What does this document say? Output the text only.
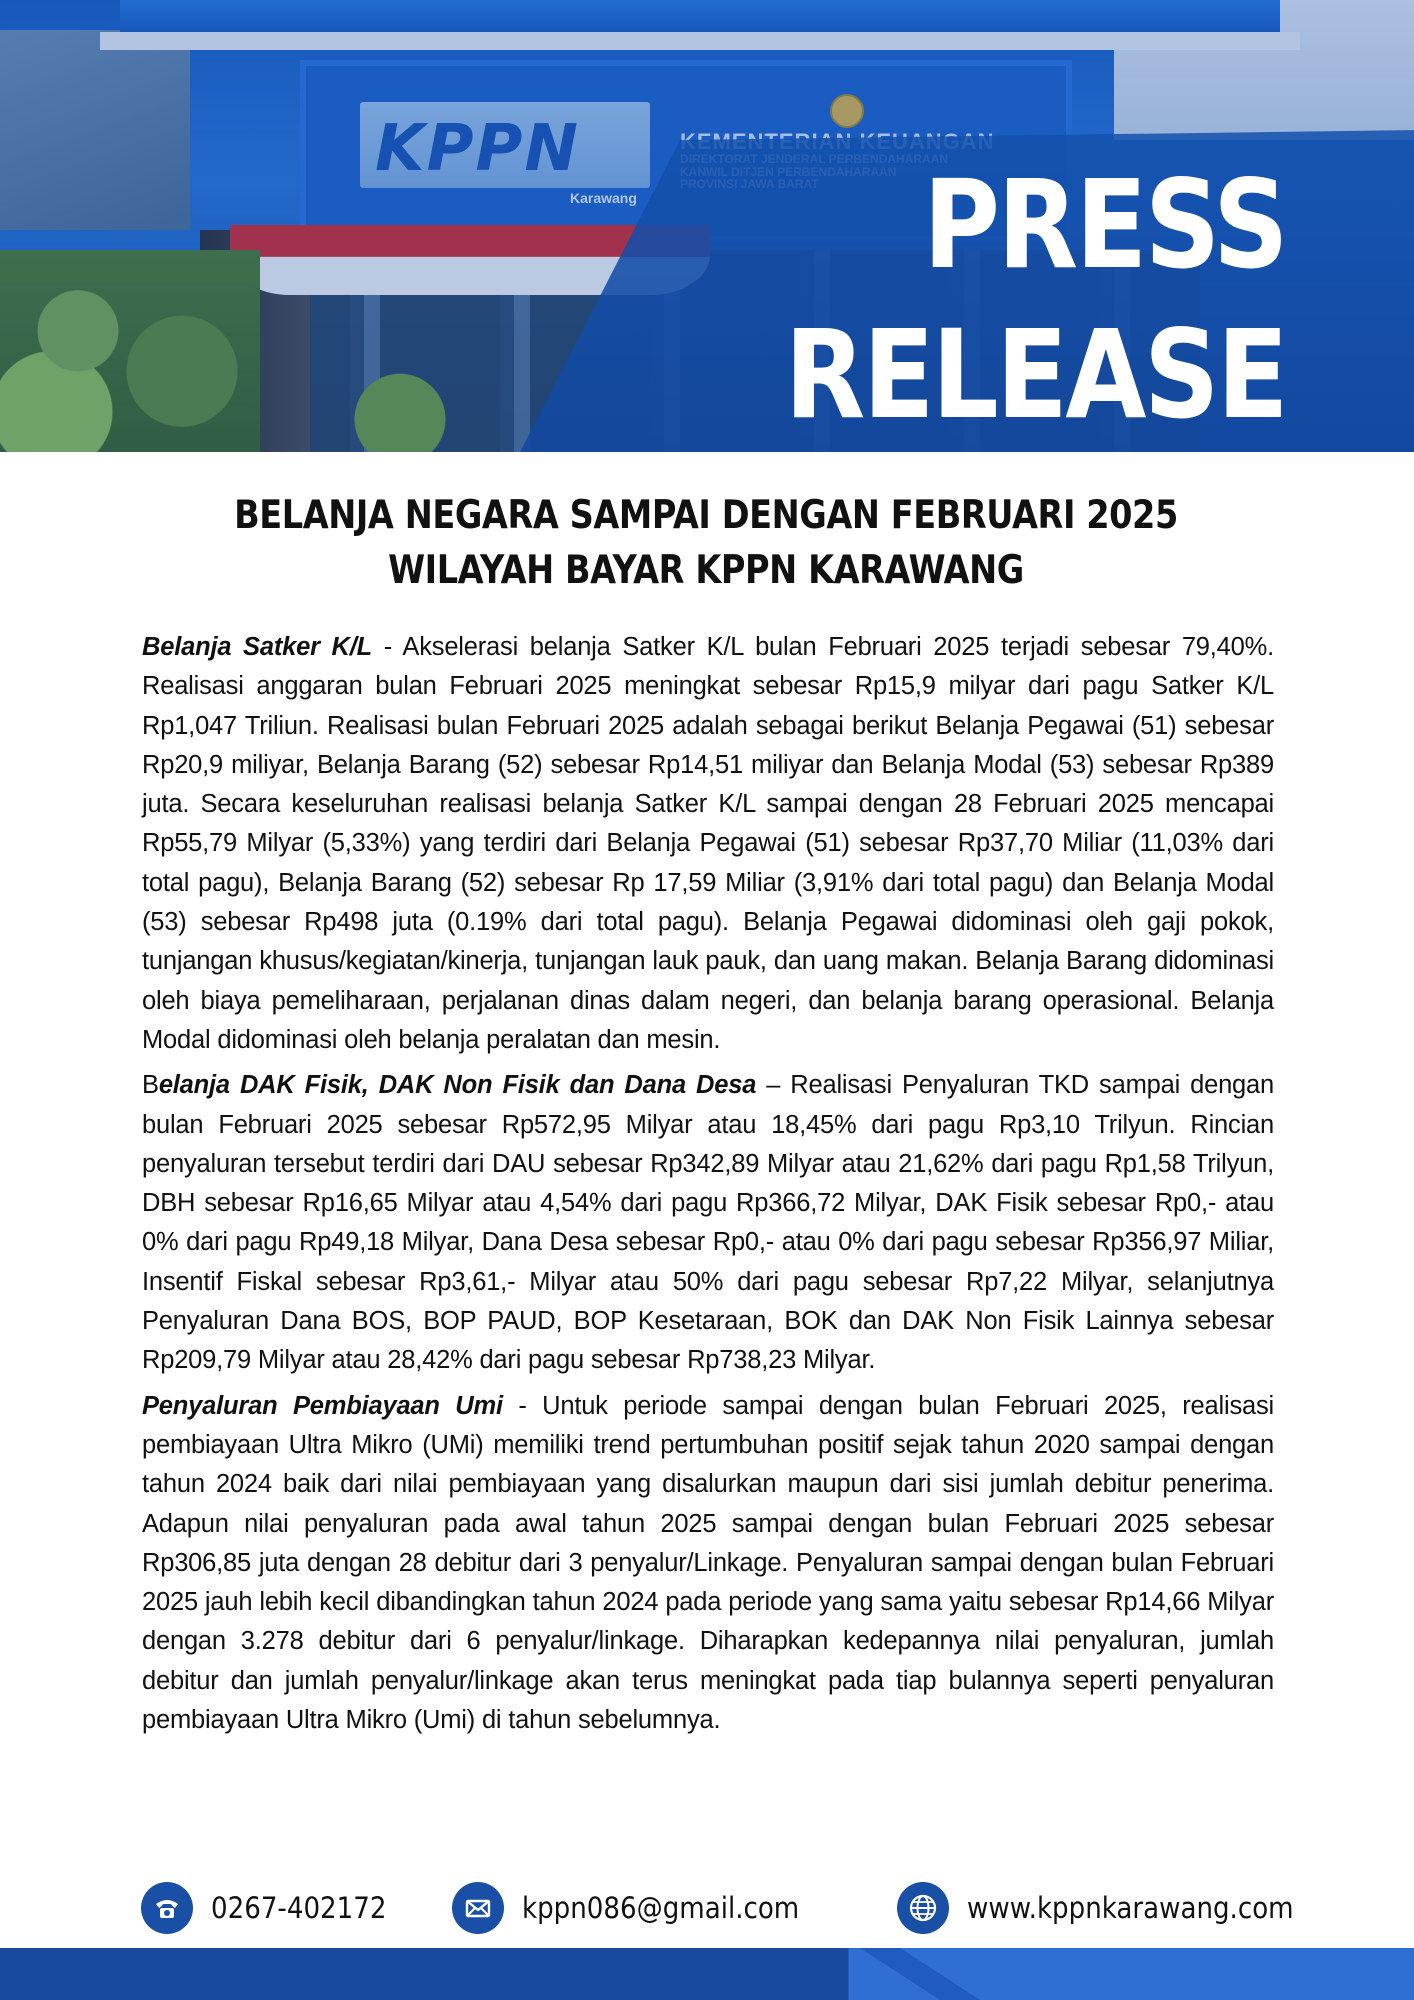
KPPN
Karawang	PRESS
RELEASE
BELANJA NEGARA SAMPAI DENGAN FEBRUARI 2025
WILAYAH BAYAR KPPN KARAWANG

Belanja Satker K/L - Akselerasi belanja Satker K/L bulan Februari 2025 terjadi sebesar 79,40%. Realisasi anggaran bulan Februari 2025 meningkat sebesar Rp15,9 milyar dari pagu Satker K/L Rp1,047 Triliun. Realisasi bulan Februari 2025 adalah sebagai berikut Belanja Pegawai (51) sebesar Rp20,9 miliyar, Belanja Barang (52) sebesar Rp14,51 miliyar dan Belanja Modal (53) sebesar Rp389 juta. Secara keseluruhan realisasi belanja Satker K/L sampai dengan 28 Februari 2025 mencapai Rp55,79 Milyar (5,33%) yang terdiri dari Belanja Pegawai (51) sebesar Rp37,70 Miliar (11,03% dari total pagu), Belanja Barang (52) sebesar Rp 17,59 Miliar (3,91% dari total pagu) dan Belanja Modal (53) sebesar Rp498 juta (0.19% dari total pagu). Belanja Pegawai didominasi oleh gaji pokok, tunjangan khusus/kegiatan/kinerja, tunjangan lauk pauk, dan uang makan. Belanja Barang didominasi oleh biaya pemeliharaan, perjalanan dinas dalam negeri, dan belanja barang operasional. Belanja Modal didominasi oleh belanja peralatan dan mesin.

Belanja DAK Fisik, DAK Non Fisik dan Dana Desa – Realisasi Penyaluran TKD sampai dengan bulan Februari 2025 sebesar Rp572,95 Milyar atau 18,45% dari pagu Rp3,10 Trilyun. Rincian penyaluran tersebut terdiri dari DAU sebesar Rp342,89 Milyar atau 21,62% dari pagu Rp1,58 Trilyun, DBH sebesar Rp16,65 Milyar atau 4,54% dari pagu Rp366,72 Milyar, DAK Fisik sebesar Rp0,- atau 0% dari pagu Rp49,18 Milyar, Dana Desa sebesar Rp0,- atau 0% dari pagu sebesar Rp356,97 Miliar, Insentif Fiskal sebesar Rp3,61,- Milyar atau 50% dari pagu sebesar Rp7,22 Milyar, selanjutnya Penyaluran Dana BOS, BOP PAUD, BOP Kesetaraan, BOK dan DAK Non Fisik Lainnya sebesar Rp209,79 Milyar atau 28,42% dari pagu sebesar Rp738,23 Milyar.

Penyaluran Pembiayaan Umi - Untuk periode sampai dengan bulan Februari 2025, realisasi pembiayaan Ultra Mikro (UMi) memiliki trend pertumbuhan positif sejak tahun 2020 sampai dengan tahun 2024 baik dari nilai pembiayaan yang disalurkan maupun dari sisi jumlah debitur penerima. Adapun nilai penyaluran pada awal tahun 2025 sampai dengan bulan Februari 2025 sebesar Rp306,85 juta dengan 28 debitur dari 3 penyalur/Linkage. Penyaluran sampai dengan bulan Februari 2025 jauh lebih kecil dibandingkan tahun 2024 pada periode yang sama yaitu sebesar Rp14,66 Milyar dengan 3.278 debitur dari 6 penyalur/linkage. Diharapkan kedepannya nilai penyaluran, jumlah debitur dan jumlah penyalur/linkage akan terus meningkat pada tiap bulannya seperti penyaluran pembiayaan Ultra Mikro (Umi) di tahun sebelumnya.

0267-402172	kppn086@gmail.com	www.kppnkarawang.com
